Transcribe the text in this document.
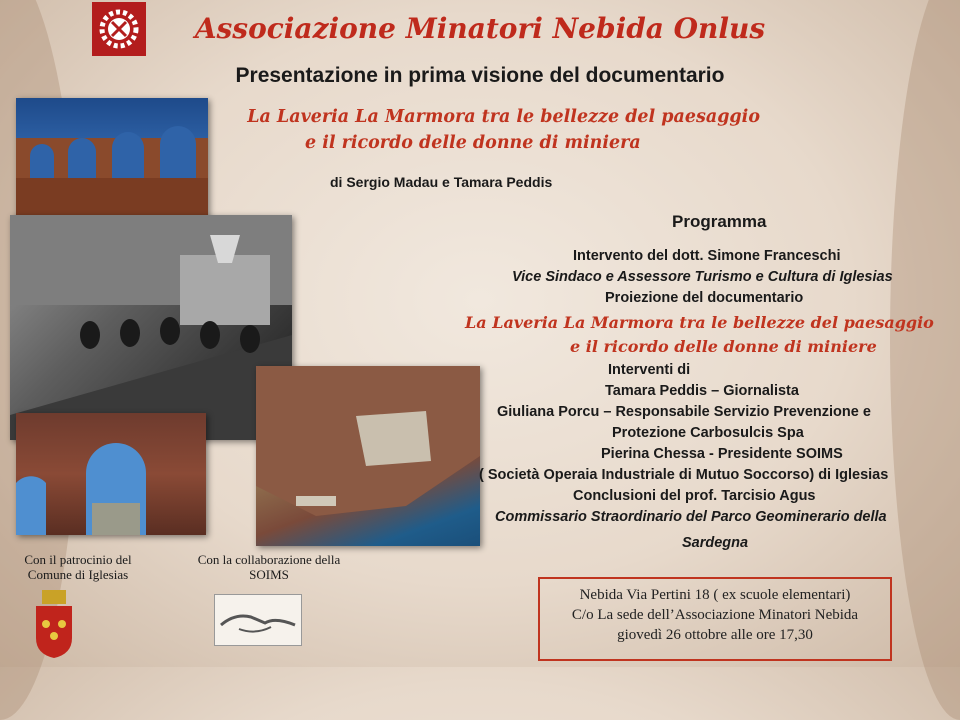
Associazione Minatori Nebida Onlus
Presentazione in prima visione del documentario
La Laveria La Marmora tra le bellezze del paesaggio
e il ricordo delle donne di miniera
di Sergio Madau e Tamara Peddis
Programma
Intervento del dott. Simone Franceschi
Vice Sindaco e Assessore Turismo e Cultura di Iglesias
Proiezione del documentario
La Laveria La Marmora tra le bellezze del paesaggio
e il ricordo delle donne di miniere
Interventi di
Tamara Peddis – Giornalista
Giuliana Porcu – Responsabile Servizio Prevenzione e
Protezione Carbosulcis Spa
Pierina Chessa - Presidente SOIMS
( Società Operaia Industriale di Mutuo Soccorso) di Iglesias
Conclusioni del prof. Tarcisio Agus
Commissario Straordinario del Parco Geominerario della
Sardegna
Con il patrocinio del
Comune di Iglesias
Con la collaborazione della
SOIMS
Nebida Via Pertini 18 ( ex scuole elementari)
C/o La sede dell’Associazione Minatori Nebida
giovedì 26 ottobre alle ore 17,30
